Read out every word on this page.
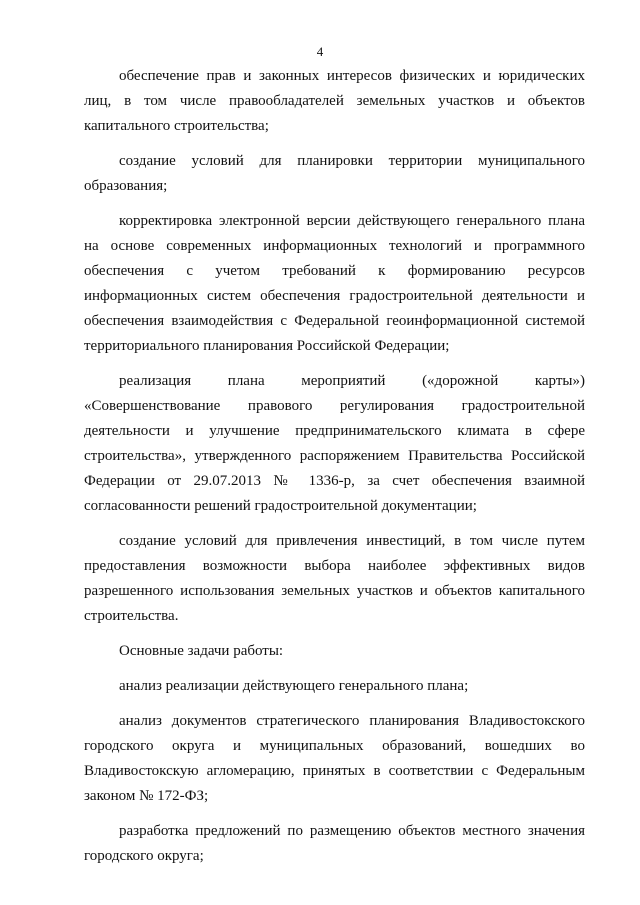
4

обеспечение прав и законных интересов физических и юридических лиц, в том числе правообладателей земельных участков и объектов капитального строительства;

создание условий для планировки территории муниципального образования;

корректировка электронной версии действующего генерального плана на основе современных информационных технологий и программного обеспечения с учетом требований к формированию ресурсов информационных систем обеспечения градостроительной деятельности и обеспечения взаимодействия с Федеральной геоинформационной системой территориального планирования Российской Федерации;

реализация плана мероприятий («дорожной карты») «Совершенствование правового регулирования градостроительной деятельности и улучшение предпринимательского климата в сфере строительства», утвержденного распоряжением Правительства Российской Федерации от 29.07.2013 № 1336-р, за счет обеспечения взаимной согласованности решений градостроительной документации;

создание условий для привлечения инвестиций, в том числе путем предоставления возможности выбора наиболее эффективных видов разрешенного использования земельных участков и объектов капитального строительства.

Основные задачи работы:

анализ реализации действующего генерального плана;

анализ документов стратегического планирования Владивостокского городского округа и муниципальных образований, вошедших во Владивостокскую агломерацию, принятых в соответствии с Федеральным законом № 172-ФЗ;

разработка предложений по размещению объектов местного значения городского округа;
